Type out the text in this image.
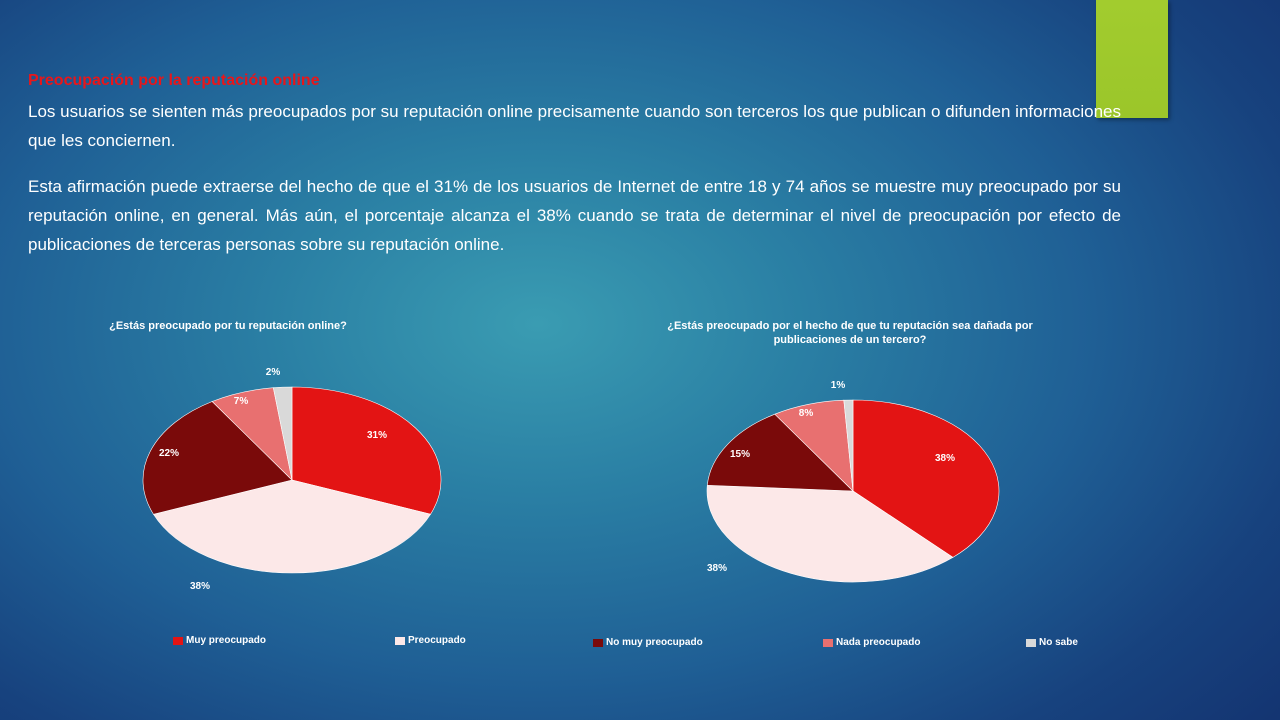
Preocupación por la reputación online

Los usuarios se sienten más preocupados por su reputación online precisamente cuando son terceros los que publican o difunden informaciones que les conciernen.

Esta afirmación puede extraerse del hecho de que el 31% de los usuarios de Internet de entre 18 y 74 años se muestre muy preocupado por su reputación online, en general. Más aún, el porcentaje alcanza el 38% cuando se trata de determinar el nivel de preocupación por efecto de publicaciones de terceras personas sobre su reputación online.

¿Estás preocupado por tu reputación online?	¿Estás preocupado por el hecho de que tu reputación sea dañada por publicaciones de un tercero?
31%
38%
22%
7%
2%
38%
38%
15%
8%
1%
Muy preocupado	Preocupado	No muy preocupado	Nada preocupado	No sabe
